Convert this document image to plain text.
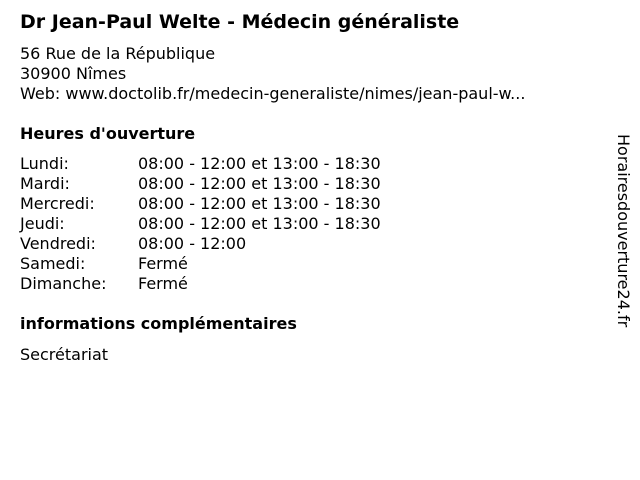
Dr Jean-Paul Welte - Médecin généraliste
56 Rue de la République
30900 Nîmes
Web: www.doctolib.fr/medecin-generaliste/nimes/jean-paul-w...
Heures d'ouverture
Lundi:	08:00 - 12:00 et 13:00 - 18:30
Mardi:	08:00 - 12:00 et 13:00 - 18:30
Mercredi:	08:00 - 12:00 et 13:00 - 18:30
Jeudi:	08:00 - 12:00 et 13:00 - 18:30
Vendredi:	08:00 - 12:00
Samedi:	Fermé
Dimanche: Fermé
informations complémentaires
Secrétariat
Horairesdouverture24.fr
